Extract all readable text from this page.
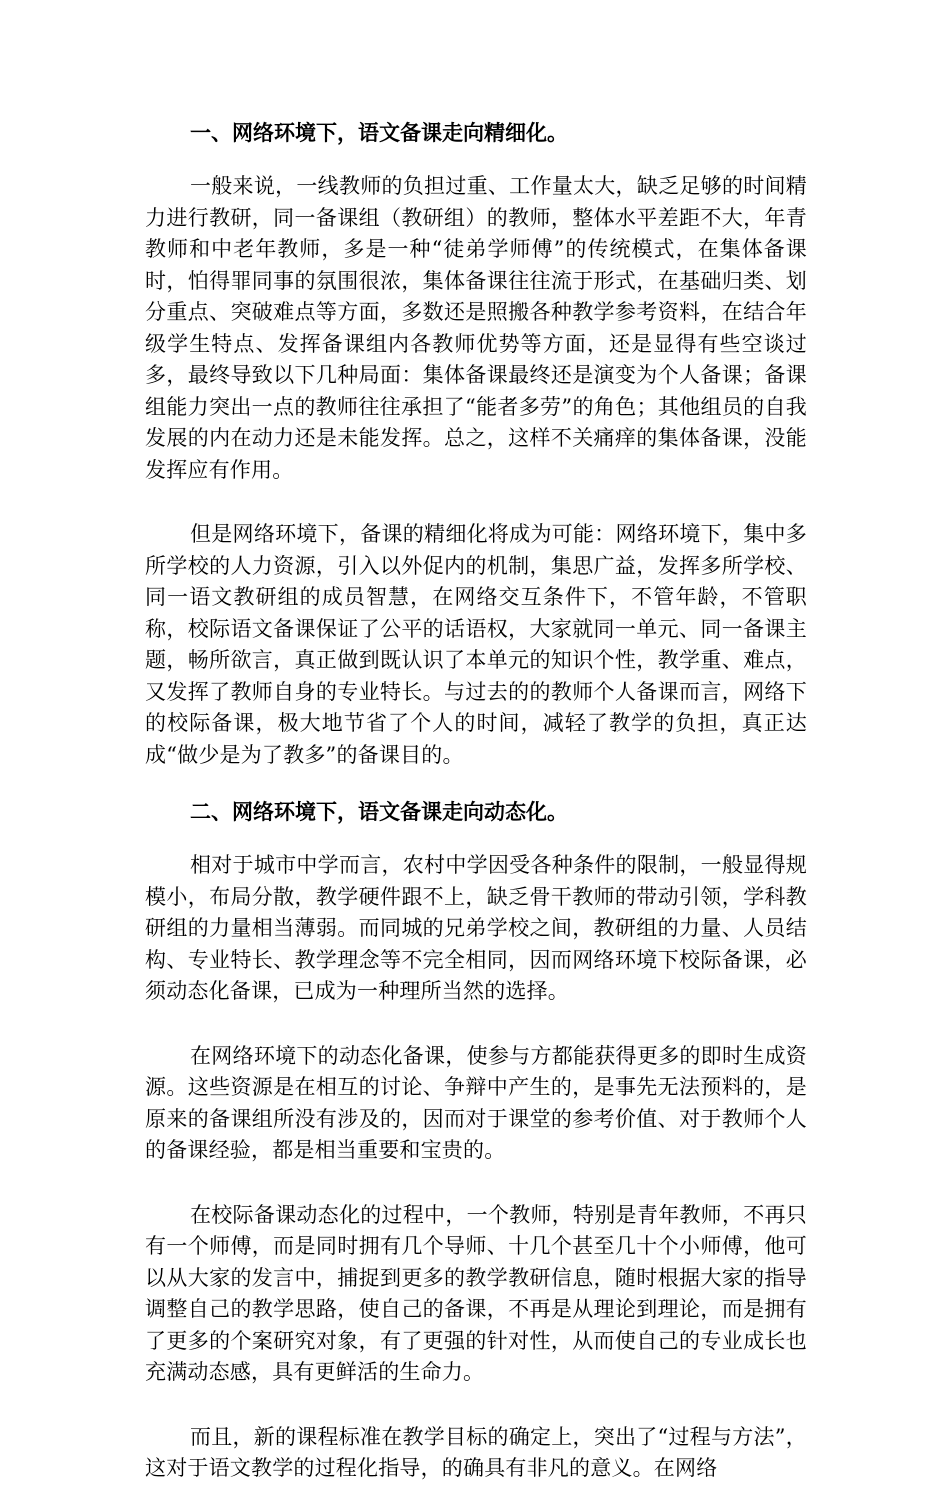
一、网络环境下，语文备课走向精细化。

一般来说，一线教师的负担过重、工作量太大，缺乏足够的时间精力进行教研，同一备课组（教研组）的教师，整体水平差距不大，年青教师和中老年教师，多是一种“徒弟学师傅”的传统模式，在集体备课时，怕得罪同事的氛围很浓，集体备课往往流于形式，在基础归类、划分重点、突破难点等方面，多数还是照搬各种教学参考资料，在结合年级学生特点、发挥备课组内各教师优势等方面，还是显得有些空谈过多，最终导致以下几种局面：集体备课最终还是演变为个人备课；备课组能力突出一点的教师往往承担了“能者多劳”的角色；其他组员的自我发展的内在动力还是未能发挥。总之，这样不关痛痒的集体备课，没能发挥应有作用。

但是网络环境下，备课的精细化将成为可能：网络环境下，集中多所学校的人力资源，引入以外促内的机制，集思广益，发挥多所学校、同一语文教研组的成员智慧，在网络交互条件下，不管年龄，不管职称，校际语文备课保证了公平的话语权，大家就同一单元、同一备课主题，畅所欲言，真正做到既认识了本单元的知识个性，教学重、难点，又发挥了教师自身的专业特长。与过去的的教师个人备课而言，网络下的校际备课，极大地节省了个人的时间，减轻了教学的负担，真正达成“做少是为了教多”的备课目的。

二、网络环境下，语文备课走向动态化。

相对于城市中学而言，农村中学因受各种条件的限制，一般显得规模小，布局分散，教学硬件跟不上，缺乏骨干教师的带动引领，学科教研组的力量相当薄弱。而同城的兄弟学校之间，教研组的力量、人员结构、专业特长、教学理念等不完全相同，因而网络环境下校际备课，必须动态化备课，已成为一种理所当然的选择。

在网络环境下的动态化备课，使参与方都能获得更多的即时生成资源。这些资源是在相互的讨论、争辩中产生的，是事先无法预料的，是原来的备课组所没有涉及的，因而对于课堂的参考价值、对于教师个人的备课经验，都是相当重要和宝贵的。

在校际备课动态化的过程中，一个教师，特别是青年教师，不再只有一个师傅，而是同时拥有几个导师、十几个甚至几十个小师傅，他可以从大家的发言中，捕捉到更多的教学教研信息，随时根据大家的指导调整自己的教学思路，使自己的备课，不再是从理论到理论，而是拥有了更多的个案研究对象，有了更强的针对性，从而使自己的专业成长也充满动态感，具有更鲜活的生命力。

而且，新的课程标准在教学目标的确定上，突出了“过程与方法”，这对于语文教学的过程化指导，的确具有非凡的意义。在网络
